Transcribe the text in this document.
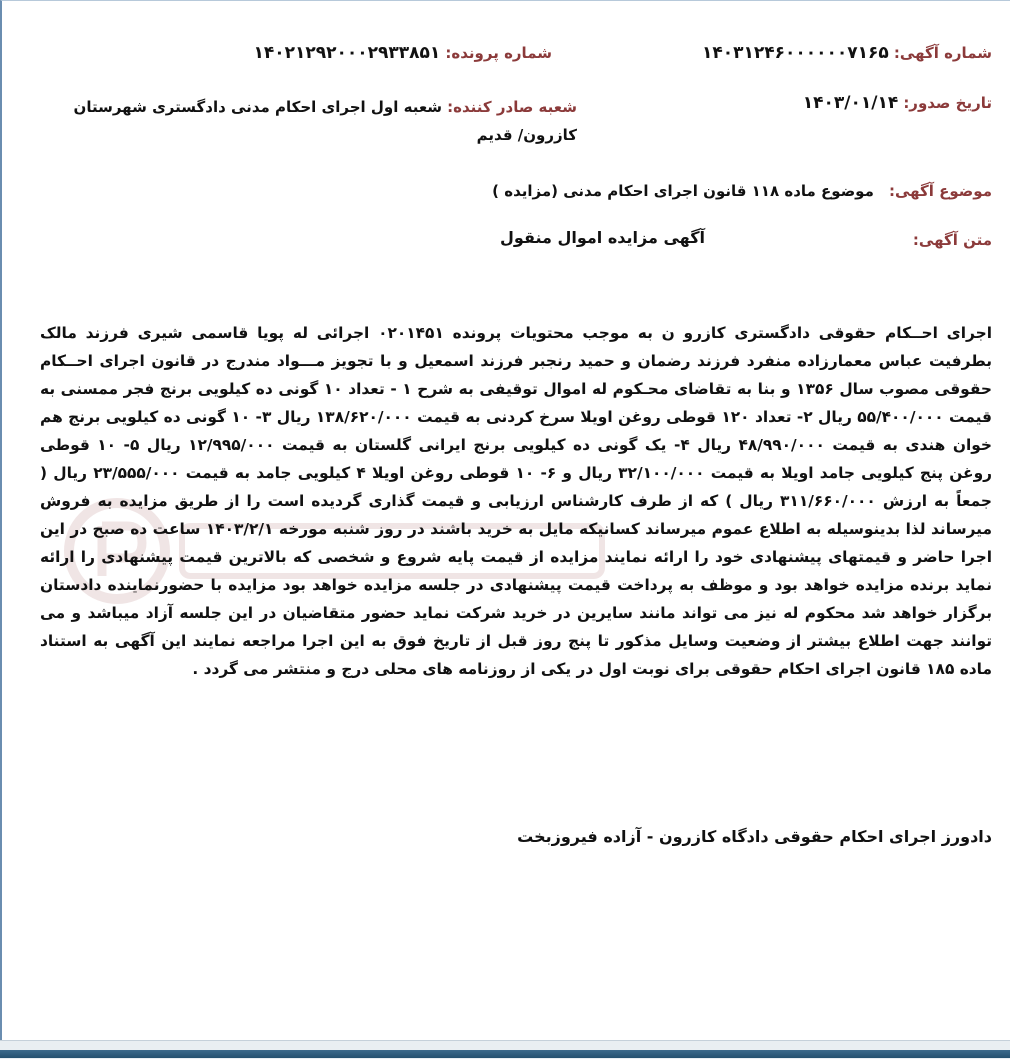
شماره آگهی: ۱۴۰۳۱۲۴۶۰۰۰۰۰۰۷۱۶۵
شماره پرونده: ۱۴۰۲۱۲۹۲۰۰۰۲۹۳۳۸۵۱
تاریخ صدور: ۱۴۰۳/۰۱/۱۴
شعبه صادر کننده: شعبه اول اجرای احکام مدنی دادگستری شهرستان کازرون/ قدیم
موضوع آگهی: موضوع ماده ۱۱۸ قانون اجرای احکام مدنی (مزایده )
متن آگهی:
آگهی مزایده اموال منقول
اجرای احــکام حقوقی دادگستری کازرو ن به موجب محتویات پرونده ۰۲۰۱۴۵۱ اجرائی له پویا قاسمی شیری فرزند مالک بطرفیت عباس معمارزاده منفرد فرزند رضمان و حمید رنجبر فرزند اسمعیل و با تجویز مـــواد مندرج در قانون اجرای احــکام حقوقی مصوب سال ۱۳۵۶ و بنا به تقاضای محـکوم له اموال توقیفی به شرح ۱ - تعداد ۱۰ گونی ده کیلویی برنج فجر ممسنی به قیمت ۵۵/۴۰۰/۰۰۰ ریال ۲- تعداد ۱۲۰ قوطی روغن اویلا سرخ کردنی به قیمت ۱۳۸/۶۲۰/۰۰۰ ریال ۳- ۱۰ گونی ده کیلویی برنج هم خوان هندی به قیمت ۴۸/۹۹۰/۰۰۰ ریال ۴- یک گونی ده کیلویی برنج ایرانی گلستان به قیمت ۱۲/۹۹۵/۰۰۰ ریال ۵- ۱۰ قوطی روغن پنج کیلویی جامد اویلا به قیمت ۳۲/۱۰۰/۰۰۰ ریال و ۶- ۱۰ قوطی روغن اویلا ۴ کیلویی جامد به قیمت ۲۳/۵۵۵/۰۰۰ ریال ( جمعاً به ارزش ۳۱۱/۶۶۰/۰۰۰ ریال ) که از طرف کارشناس ارزیابی و قیمت گذاری گردیده است را از طریق مزایده به فروش میرساند لذا بدینوسیله به اطلاع عموم میرساند کسانیکه مایل به خرید باشند در روز شنبه مورخه ۱۴۰۳/۲/۱ ساعت ده صبح در این اجرا حاضر و قیمتهای پیشنهادی خود را ارائه نمایند مزایده از قیمت پایه شروع و شخصی که بالاترین قیمت پیشنهادی را ارائه نماید برنده مزایده خواهد بود و موظف به پرداخت قیمت پیشنهادی در جلسه مزایده خواهد بود مزایده با حضورنماینده دادستان برگزار خواهد شد محکوم له نیز می تواند مانند سایرین در خرید شرکت نماید حضور متقاضیان در این جلسه آزاد میباشد و می توانند جهت اطلاع بیشتر از وضعیت وسایل مذکور تا پنج روز قبل از تاریخ فوق به این اجرا مراجعه نمایند این آگهی به استناد ماده ۱۸۵ قانون اجرای احکام حقوقی برای نوبت اول در یکی از روزنامه های محلی درج و منتشر می گردد .
دادورز اجرای احکام حقوقی دادگاه کازرون - آزاده فیروزبخت
